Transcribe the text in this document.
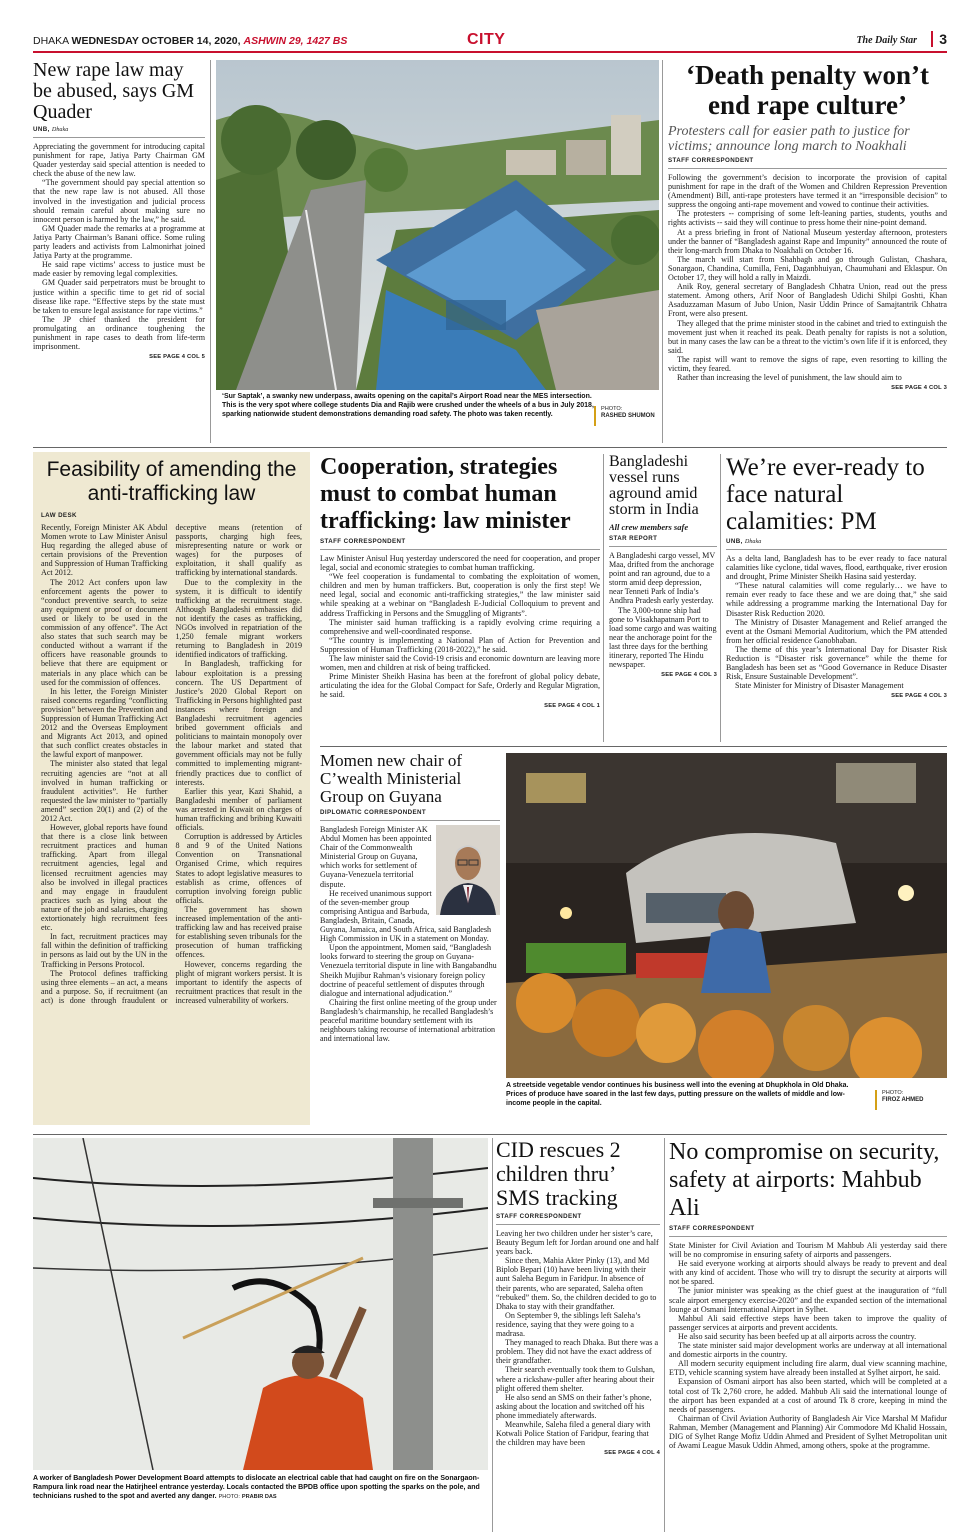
DHAKA WEDNESDAY OCTOBER 14, 2020, ASHWIN 29, 1427 BS	CITY	The Daily Star	3
New rape law may be abused, says GM Quader
UNB, Dhaka

Appreciating the government for introducing capital punishment for rape, Jatiya Party Chairman GM Quader yesterday said special attention is needed to check the abuse of the new law.

“The government should pay special attention so that the new rape law is not abused. All those involved in the investigation and judicial process should remain careful about making sure no innocent person is harmed by the law,” he said.

GM Quader made the remarks at a programme at Jatiya Party Chairman’s Banani office. Some ruling party leaders and activists from Lalmonirhat joined Jatiya Party at the programme.

He said rape victims’ access to justice must be made easier by removing legal complexities.

GM Quader said perpetrators must be brought to justice within a specific time to get rid of social disease like rape. “Effective steps by the state must be taken to ensure legal assistance for rape victims.”

The JP chief thanked the president for promulgating an ordinance toughening the punishment in rape cases to death from life-term imprisonment.

SEE PAGE 4 COL 5
‘Sur Saptak’, a swanky new underpass, awaits opening on the capital’s Airport Road near the MES intersection. This is the very spot where college students Dia and Rajib were crushed under the wheels of a bus in July 2018, sparking nationwide student demonstrations demanding road safety. The photo was taken recently.
PHOTO:
RASHED SHUMON
‘Death penalty won’t end rape culture’
Protesters call for easier path to justice for victims; announce long march to Noakhali
STAFF CORRESPONDENT

Following the government’s decision to incorporate the provision of capital punishment for rape in the draft of the Women and Children Repression Prevention (Amendment) Bill, anti-rape protesters have termed it an “irresponsible decision” to suppress the ongoing anti-rape movement and vowed to continue their activities.

The protesters -- comprising of some left-leaning parties, students, youths and rights activists -- said they will continue to press home their nine-point demand.

At a press briefing in front of National Museum yesterday afternoon, protesters under the banner of “Bangladesh against Rape and Impunity” announced the route of their long-march from Dhaka to Noakhali on October 16.

The march will start from Shahbagh and go through Gulistan, Chashara, Sonargaon, Chandina, Cumilla, Feni, Daganbhuiyan, Chaumuhani and Eklaspur. On October 17, they will hold a rally in Maizdi.

Anik Roy, general secretary of Bangladesh Chhatra Union, read out the press statement. Among others, Arif Noor of Bangladesh Udichi Shilpi Goshti, Khan Asaduzzaman Masum of Jubo Union, Nasir Uddin Prince of Samajtantrik Chhatra Front, were also present.

They alleged that the prime minister stood in the cabinet and tried to extinguish the movement just when it reached its peak. Death penalty for rapists is not a solution, but in many cases the law can be a threat to the victim’s own life if it is enforced, they said.

The rapist will want to remove the signs of rape, even resorting to killing the victim, they feared.

Rather than increasing the level of punishment, the law should aim to

SEE PAGE 4 COL 3
Feasibility of amending the anti-trafficking law
LAW DESK

Recently, Foreign Minister AK Abdul Momen wrote to Law Minister Anisul Huq regarding the alleged abuse of certain provisions of the Prevention and Suppression of Human Trafficking Act 2012.

The 2012 Act confers upon law enforcement agents the power to “conduct preventive search, to seize any equipment or proof or document used or likely to be used in the commission of any offence”. The Act also states that such search may be conducted without a warrant if the officers have reasonable grounds to believe that there are equipment or materials in any place which can be used for the commission of offences.

In his letter, the Foreign Minister raised concerns regarding “conflicting provision” between the Prevention and Suppression of Human Trafficking Act 2012 and the Overseas Employment and Migrants Act 2013, and opined that such conflict creates obstacles in the lawful export of manpower.

The minister also stated that legal recruiting agencies are “not at all involved in human trafficking or fraudulent activities”. He further requested the law minister to “partially amend” section 20(1) and (2) of the 2012 Act.

However, global reports have found that there is a close link between recruitment practices and human trafficking. Apart from illegal recruitment agencies, legal and licensed recruitment agencies may also be involved in illegal practices and may engage in fraudulent practices such as lying about the nature of the job and salaries, charging extortionately high recruitment fees etc.

In fact, recruitment practices may fall within the definition of trafficking in persons as laid out by the UN in the Trafficking in Persons Protocol.

The Protocol defines trafficking using three elements – an act, a means and a purpose. So, if recruitment (an act) is done through fraudulent or deceptive means (retention of passports, charging high fees, misrepresenting nature or work or wages) for the purposes of exploitation, it shall qualify as trafficking by international standards.

Due to the complexity in the system, it is difficult to identify trafficking at the recruitment stage. Although Bangladeshi embassies did not identify the cases as trafficking, NGOs involved in repatriation of the 1,250 female migrant workers returning to Bangladesh in 2019 identified indicators of trafficking.

In Bangladesh, trafficking for labour exploitation is a pressing concern. The US Department of Justice’s 2020 Global Report on Trafficking in Persons highlighted past instances where foreign and Bangladeshi recruitment agencies bribed government officials and politicians to maintain monopoly over the labour market and stated that government officials may not be fully committed to implementing migrant-friendly practices due to conflict of interests.

Earlier this year, Kazi Shahid, a Bangladeshi member of parliament was arrested in Kuwait on charges of human trafficking and bribing Kuwaiti officials.

Corruption is addressed by Articles 8 and 9 of the United Nations Convention on Transnational Organised Crime, which requires States to adopt legislative measures to establish as crime, offences of corruption involving foreign public officials.

The government has shown increased implementation of the anti-trafficking law and has received praise for establishing seven tribunals for the prosecution of human trafficking offences.

However, concerns regarding the plight of migrant workers persist. It is important to identify the aspects of recruitment practices that result in the increased vulnerability of workers.

Cooperation, strategies must to combat human trafficking: law minister
STAFF CORRESPONDENT

Law Minister Anisul Huq yesterday underscored the need for cooperation, and proper legal, social and economic strategies to combat human trafficking.

“We feel cooperation is fundamental to combating the exploitation of women, children and men by human traffickers. But, cooperation is only the first step! We need legal, social and economic anti-trafficking strategies,” the law minister said while speaking at a webinar on “Bangladesh E-Judicial Colloquium to prevent and address Trafficking in Persons and the Smuggling of Migrants”.

The minister said human trafficking is a rapidly evolving crime requiring a comprehensive and well-coordinated response.

“The country is implementing a National Plan of Action for Prevention and Suppression of Human Trafficking (2018-2022),” he said.

The law minister said the Covid-19 crisis and economic downturn are leaving more women, men and children at risk of being trafficked.

Prime Minister Sheikh Hasina has been at the forefront of global policy debate, articulating the idea for the Global Compact for Safe, Orderly and Regular Migration, he said.

SEE PAGE 4 COL 1
Bangladeshi vessel runs aground amid storm in India
All crew members safe
STAR REPORT

A Bangladeshi cargo vessel, MV Maa, drifted from the anchorage point and ran aground, due to a storm amid deep depression, near Tenneti Park of India’s Andhra Pradesh early yesterday.

The 3,000-tonne ship had gone to Visakhapatnam Port to load some cargo and was waiting near the anchorage point for the last three days for the berthing itinerary, reported The Hindu newspaper.

SEE PAGE 4 COL 3
We’re ever-ready to face natural calamities: PM
UNB, Dhaka

As a delta land, Bangladesh has to be ever ready to face natural calamities like cyclone, tidal waves, flood, earthquake, river erosion and drought, Prime Minister Sheikh Hasina said yesterday.

“These natural calamities will come regularly… we have to remain ever ready to face these and we are doing that,” she said while addressing a programme marking the International Day for Disaster Risk Reduction 2020.

The Ministry of Disaster Management and Relief arranged the event at the Osmani Memorial Auditorium, which the PM attended from her official residence Ganobhaban.

The theme of this year’s International Day for Disaster Risk Reduction is “Disaster risk governance” while the theme for Bangladesh has been set as “Good Governance in Reduce Disaster Risk, Ensure Sustainable Development”.

State Minister for Ministry of Disaster Management

SEE PAGE 4 COL 3
Momen new chair of C’wealth Ministerial Group on Guyana
DIPLOMATIC CORRESPONDENT

Bangladesh Foreign Minister AK Abdul Momen has been appointed Chair of the Commonwealth Ministerial Group on Guyana, which works for settlement of Guyana-Venezuela territorial dispute.

He received unanimous support of the seven-member group comprising Antigua and Barbuda, Bangladesh, Britain, Canada, Guyana, Jamaica, and South Africa, said Bangladesh High Commission in UK in a statement on Monday.

Upon the appointment, Momen said, “Bangladesh looks forward to steering the group on Guyana-Venezuela territorial dispute in line with Bangabandhu Sheikh Mujibur Rahman’s visionary foreign policy doctrine of peaceful settlement of disputes through dialogue and international adjudication.”

Chairing the first online meeting of the group under Bangladesh’s chairmanship, he recalled Bangladesh’s peaceful maritime boundary settlement with its neighbours taking recourse of international arbitration and international law.

A streetside vegetable vendor continues his business well into the evening at Dhupkhola in Old Dhaka. Prices of produce have soared in the last few days, putting pressure on the wallets of middle and low-income people in the capital.
PHOTO:
FIROZ AHMED
A worker of Bangladesh Power Development Board attempts to dislocate an electrical cable that had caught on fire on the Sonargaon-Rampura link road near the Hatirjheel entrance yesterday. Locals contacted the BPDB office upon spotting the sparks on the pole, and technicians rushed to the spot and averted any danger. PHOTO: PRABIR DAS
CID rescues 2 children thru’ SMS tracking
STAFF CORRESPONDENT

Leaving her two children under her sister’s care, Beauty Begum left for Jordan around one and half years back.

Since then, Mahia Akter Pinky (13), and Md Biplob Bepari (10) have been living with their aunt Saleha Begum in Faridpur. In absence of their parents, who are separated, Saleha often “rebuked” them. So, the children decided to go to Dhaka to stay with their grandfather.

On September 9, the siblings left Saleha’s residence, saying that they were going to a madrasa.

They managed to reach Dhaka. But there was a problem. They did not have the exact address of their grandfather.

Their search eventually took them to Gulshan, where a rickshaw-puller after hearing about their plight offered them shelter.

He also send an SMS on their father’s phone, asking about the location and switched off his phone immediately afterwards.

Meanwhile, Saleha filed a general diary with Kotwali Police Station of Faridpur, fearing that the children may have been

SEE PAGE 4 COL 4
No compromise on security, safety at airports: Mahbub Ali
STAFF CORRESPONDENT

State Minister for Civil Aviation and Tourism M Mahbub Ali yesterday said there will be no compromise in ensuring safety of airports and passengers.

He said everyone working at airports should always be ready to prevent and deal with any kind of accident. Those who will try to disrupt the security at airports will not be spared.

The junior minister was speaking as the chief guest at the inauguration of “full scale airport emergency exercise-2020” and the expanded section of the international lounge at Osmani International Airport in Sylhet.

Mahbul Ali said effective steps have been taken to improve the quality of passenger services at airports and prevent accidents.

He also said security has been beefed up at all airports across the country.

The state minister said major development works are underway at all international and domestic airports in the country.

All modern security equipment including fire alarm, dual view scanning machine, ETD, vehicle scanning system have already been installed at Sylhet airport, he said.

Expansion of Osmani airport has also been started, which will be completed at a total cost of Tk 2,760 crore, he added. Mahbub Ali said the international lounge of the airport has been expanded at a cost of around Tk 8 crore, keeping in mind the needs of passengers.

Chairman of Civil Aviation Authority of Bangladesh Air Vice Marshal M Mafidur Rahman, Member (Management and Planning) Air Commodore Md Khalid Hossain, DIG of Sylhet Range Mofiz Uddin Ahmed and President of Sylhet Metropolitan unit of Awami League Masuk Uddin Ahmed, among others, spoke at the programme.
